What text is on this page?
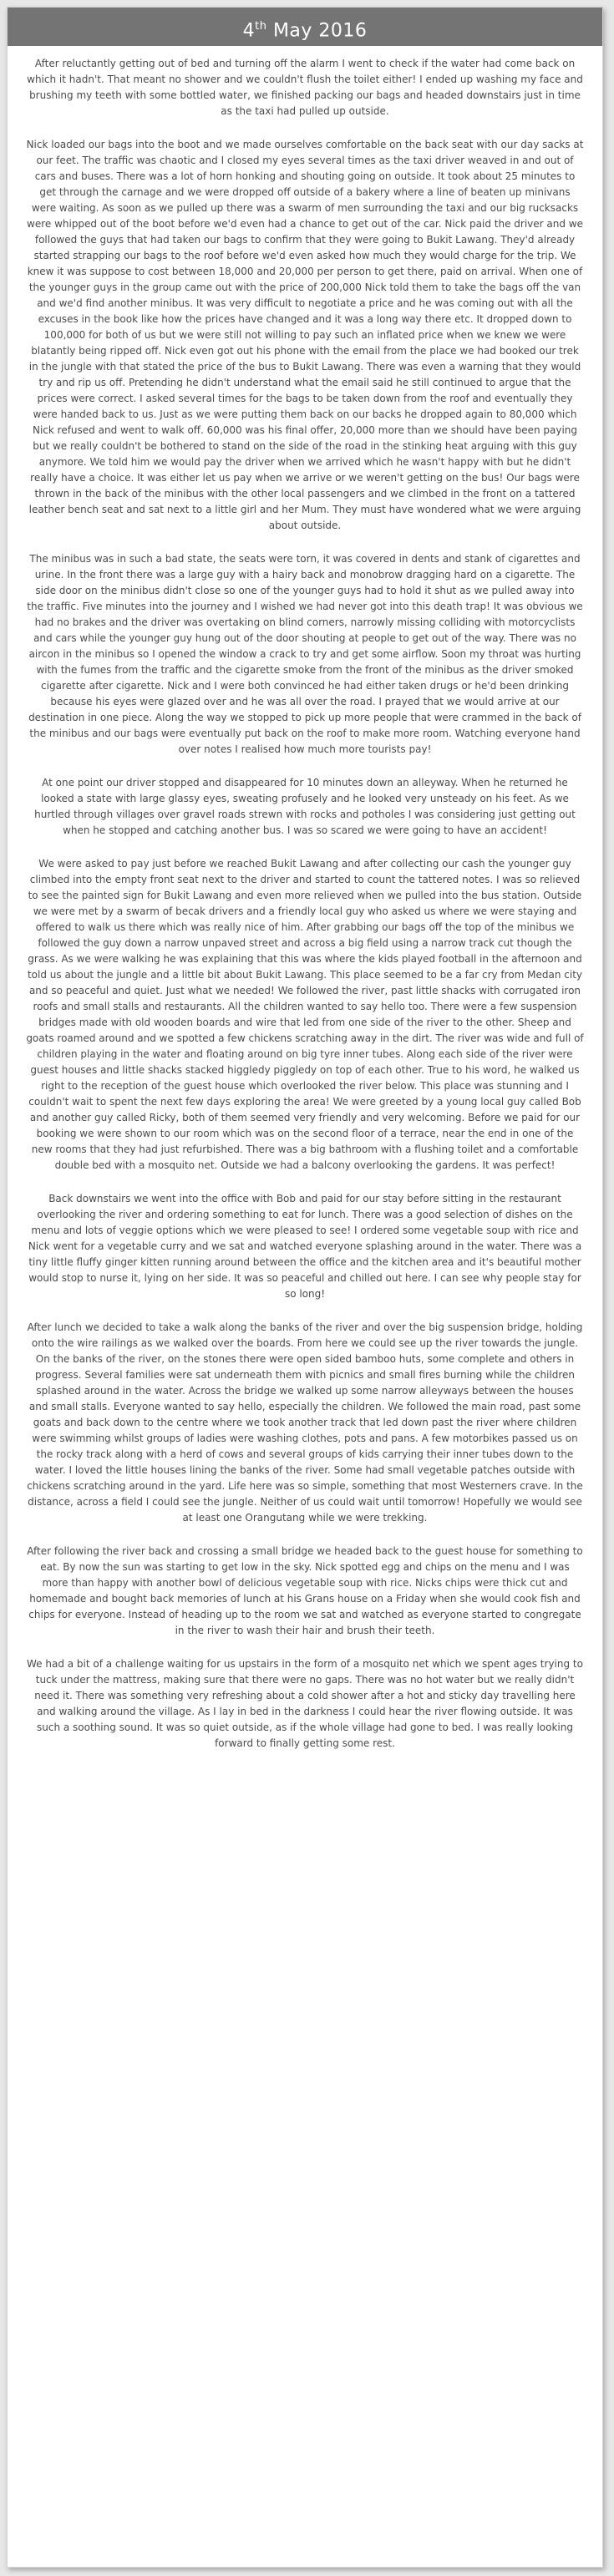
4th May 2016

After reluctantly getting out of bed and turning off the alarm I went to check if the water had come back on which it hadn't. That meant no shower and we couldn't flush the toilet either! I ended up washing my face and brushing my teeth with some bottled water, we finished packing our bags and headed downstairs just in time as the taxi had pulled up outside.

Nick loaded our bags into the boot and we made ourselves comfortable on the back seat with our day sacks at our feet. The traffic was chaotic and I closed my eyes several times as the taxi driver weaved in and out of cars and buses. There was a lot of horn honking and shouting going on outside. It took about 25 minutes to get through the carnage and we were dropped off outside of a bakery where a line of beaten up minivans were waiting. As soon as we pulled up there was a swarm of men surrounding the taxi and our big rucksacks were whipped out of the boot before we'd even had a chance to get out of the car. Nick paid the driver and we followed the guys that had taken our bags to confirm that they were going to Bukit Lawang. They'd already started strapping our bags to the roof before we'd even asked how much they would charge for the trip. We knew it was suppose to cost between 18,000 and 20,000 per person to get there, paid on arrival. When one of the younger guys in the group came out with the price of 200,000 Nick told them to take the bags off the van and we'd find another minibus. It was very difficult to negotiate a price and he was coming out with all the excuses in the book like how the prices have changed and it was a long way there etc. It dropped down to 100,000 for both of us but we were still not willing to pay such an inflated price when we knew we were blatantly being ripped off. Nick even got out his phone with the email from the place we had booked our trek in the jungle with that stated the price of the bus to Bukit Lawang. There was even a warning that they would try and rip us off. Pretending he didn't understand what the email said he still continued to argue that the prices were correct. I asked several times for the bags to be taken down from the roof and eventually they were handed back to us. Just as we were putting them back on our backs he dropped again to 80,000 which Nick refused and went to walk off. 60,000 was his final offer, 20,000 more than we should have been paying but we really couldn't be bothered to stand on the side of the road in the stinking heat arguing with this guy anymore. We told him we would pay the driver when we arrived which he wasn't happy with but he didn't really have a choice. It was either let us pay when we arrive or we weren't getting on the bus! Our bags were thrown in the back of the minibus with the other local passengers and we climbed in the front on a tattered leather bench seat and sat next to a little girl and her Mum. They must have wondered what we were arguing about outside.

The minibus was in such a bad state, the seats were torn, it was covered in dents and stank of cigarettes and urine. In the front there was a large guy with a hairy back and monobrow dragging hard on a cigarette. The side door on the minibus didn't close so one of the younger guys had to hold it shut as we pulled away into the traffic. Five minutes into the journey and I wished we had never got into this death trap! It was obvious we had no brakes and the driver was overtaking on blind corners, narrowly missing colliding with motorcyclists and cars while the younger guy hung out of the door shouting at people to get out of the way. There was no aircon in the minibus so I opened the window a crack to try and get some airflow. Soon my throat was hurting with the fumes from the traffic and the cigarette smoke from the front of the minibus as the driver smoked cigarette after cigarette. Nick and I were both convinced he had either taken drugs or he'd been drinking because his eyes were glazed over and he was all over the road. I prayed that we would arrive at our destination in one piece. Along the way we stopped to pick up more people that were crammed in the back of the minibus and our bags were eventually put back on the roof to make more room. Watching everyone hand over notes I realised how much more tourists pay!

At one point our driver stopped and disappeared for 10 minutes down an alleyway. When he returned he looked a state with large glassy eyes, sweating profusely and he looked very unsteady on his feet. As we hurtled through villages over gravel roads strewn with rocks and potholes I was considering just getting out when he stopped and catching another bus. I was so scared we were going to have an accident!

We were asked to pay just before we reached Bukit Lawang and after collecting our cash the younger guy climbed into the empty front seat next to the driver and started to count the tattered notes. I was so relieved to see the painted sign for Bukit Lawang and even more relieved when we pulled into the bus station. Outside we were met by a swarm of becak drivers and a friendly local guy who asked us where we were staying and offered to walk us there which was really nice of him. After grabbing our bags off the top of the minibus we followed the guy down a narrow unpaved street and across a big field using a narrow track cut though the grass. As we were walking he was explaining that this was where the kids played football in the afternoon and told us about the jungle and a little bit about Bukit Lawang. This place seemed to be a far cry from Medan city and so peaceful and quiet. Just what we needed! We followed the river, past little shacks with corrugated iron roofs and small stalls and restaurants. All the children wanted to say hello too. There were a few suspension bridges made with old wooden boards and wire that led from one side of the river to the other. Sheep and goats roamed around and we spotted a few chickens scratching away in the dirt. The river was wide and full of children playing in the water and floating around on big tyre inner tubes. Along each side of the river were guest houses and little shacks stacked higgledy piggledy on top of each other. True to his word, he walked us right to the reception of the guest house which overlooked the river below. This place was stunning and I couldn't wait to spent the next few days exploring the area! We were greeted by a young local guy called Bob and another guy called Ricky, both of them seemed very friendly and very welcoming. Before we paid for our booking we were shown to our room which was on the second floor of a terrace, near the end in one of the new rooms that they had just refurbished. There was a big bathroom with a flushing toilet and a comfortable double bed with a mosquito net. Outside we had a balcony overlooking the gardens. It was perfect!

Back downstairs we went into the office with Bob and paid for our stay before sitting in the restaurant overlooking the river and ordering something to eat for lunch. There was a good selection of dishes on the menu and lots of veggie options which we were pleased to see! I ordered some vegetable soup with rice and Nick went for a vegetable curry and we sat and watched everyone splashing around in the water. There was a tiny little fluffy ginger kitten running around between the office and the kitchen area and it's beautiful mother would stop to nurse it, lying on her side. It was so peaceful and chilled out here. I can see why people stay for so long!

After lunch we decided to take a walk along the banks of the river and over the big suspension bridge, holding onto the wire railings as we walked over the boards. From here we could see up the river towards the jungle. On the banks of the river, on the stones there were open sided bamboo huts, some complete and others in progress. Several families were sat underneath them with picnics and small fires burning while the children splashed around in the water. Across the bridge we walked up some narrow alleyways between the houses and small stalls. Everyone wanted to say hello, especially the children. We followed the main road, past some goats and back down to the centre where we took another track that led down past the river where children were swimming whilst groups of ladies were washing clothes, pots and pans. A few motorbikes passed us on the rocky track along with a herd of cows and several groups of kids carrying their inner tubes down to the water. I loved the little houses lining the banks of the river. Some had small vegetable patches outside with chickens scratching around in the yard. Life here was so simple, something that most Westerners crave. In the distance, across a field I could see the jungle. Neither of us could wait until tomorrow! Hopefully we would see at least one Orangutang while we were trekking.

After following the river back and crossing a small bridge we headed back to the guest house for something to eat. By now the sun was starting to get low in the sky. Nick spotted egg and chips on the menu and I was more than happy with another bowl of delicious vegetable soup with rice. Nicks chips were thick cut and homemade and bought back memories of lunch at his Grans house on a Friday when she would cook fish and chips for everyone. Instead of heading up to the room we sat and watched as everyone started to congregate in the river to wash their hair and brush their teeth.

We had a bit of a challenge waiting for us upstairs in the form of a mosquito net which we spent ages trying to tuck under the mattress, making sure that there were no gaps. There was no hot water but we really didn't need it. There was something very refreshing about a cold shower after a hot and sticky day travelling here and walking around the village. As I lay in bed in the darkness I could hear the river flowing outside. It was such a soothing sound. It was so quiet outside, as if the whole village had gone to bed. I was really looking forward to finally getting some rest.
